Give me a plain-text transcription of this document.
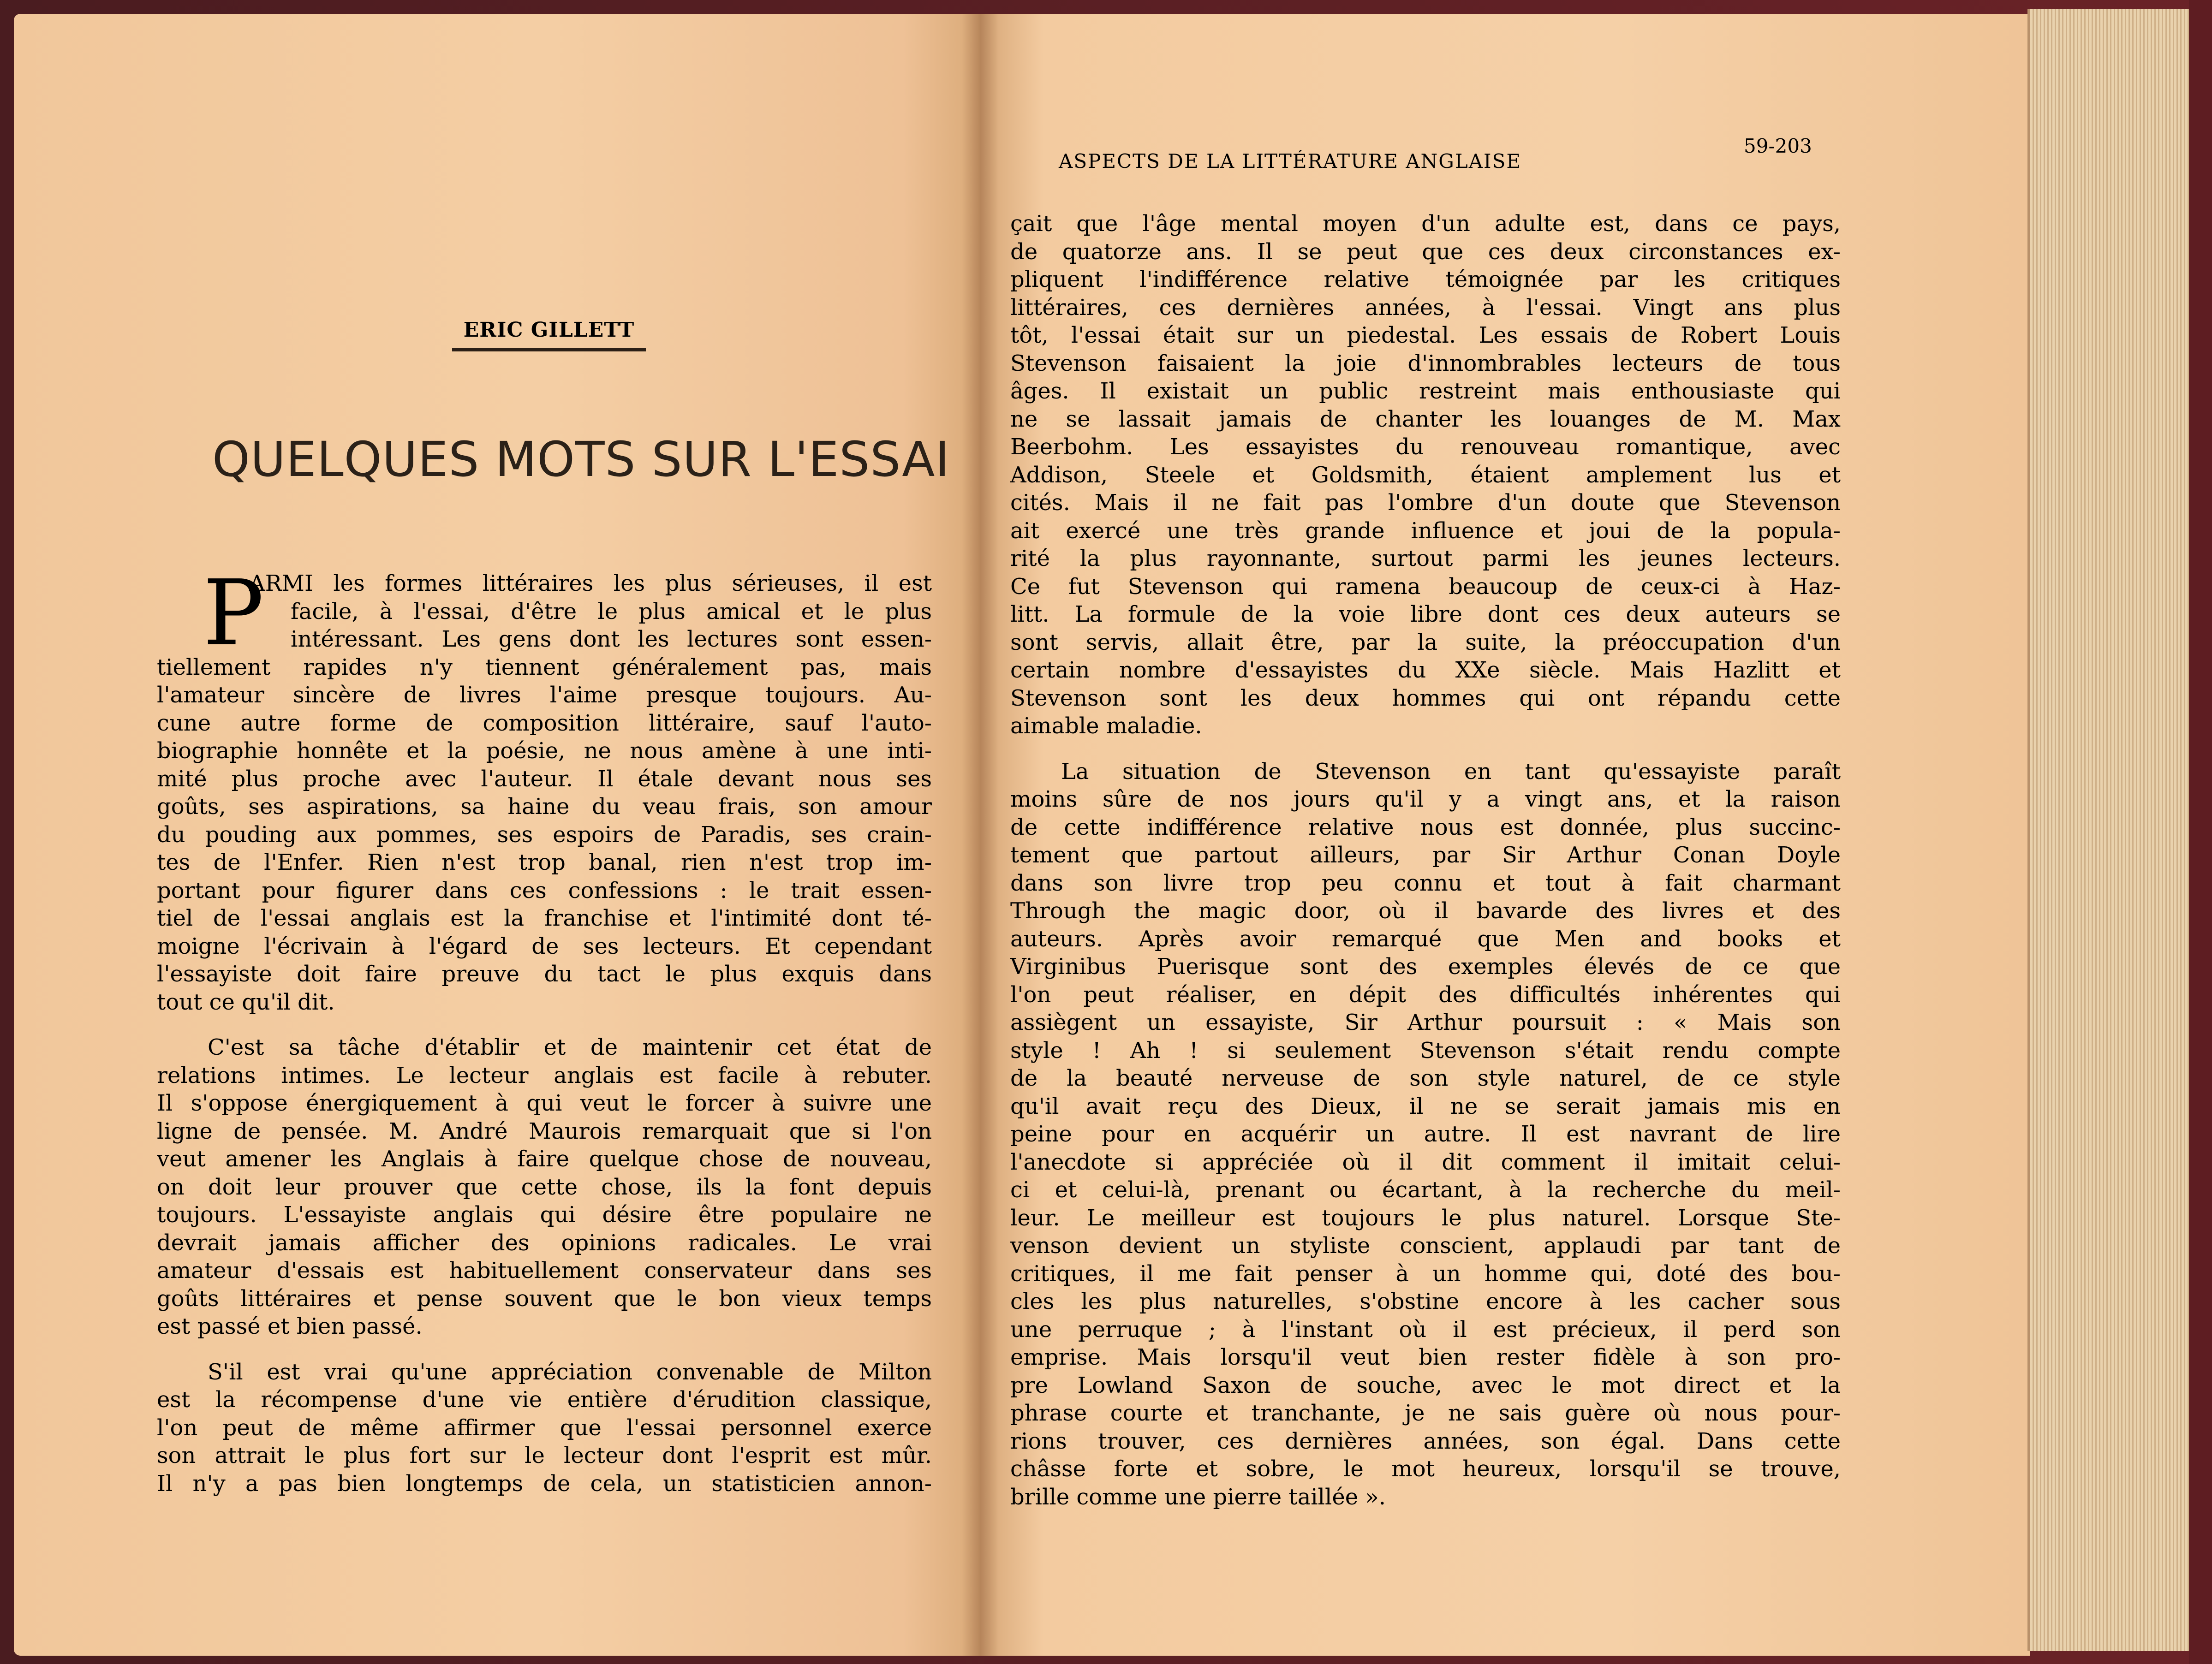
ERIC GILLETT
QUELQUES MOTS SUR L'ESSAI
P
ARMI les formes littéraires les plus sérieuses, il est
facile, à l'essai, d'être le plus amical et le plus
intéressant. Les gens dont les lectures sont essen-
tiellement rapides n'y tiennent généralement pas, mais
l'amateur sincère de livres l'aime presque toujours. Au-
cune autre forme de composition littéraire, sauf l'auto-
biographie honnête et la poésie, ne nous amène à une inti-
mité plus proche avec l'auteur. Il étale devant nous ses
goûts, ses aspirations, sa haine du veau frais, son amour
du pouding aux pommes, ses espoirs de Paradis, ses crain-
tes de l'Enfer. Rien n'est trop banal, rien n'est trop im-
portant pour figurer dans ces confessions : le trait essen-
tiel de l'essai anglais est la franchise et l'intimité dont té-
moigne l'écrivain à l'égard de ses lecteurs. Et cependant
l'essayiste doit faire preuve du tact le plus exquis dans
tout ce qu'il dit.
C'est sa tâche d'établir et de maintenir cet état de
relations intimes. Le lecteur anglais est facile à rebuter.
Il s'oppose énergiquement à qui veut le forcer à suivre une
ligne de pensée. M. André Maurois remarquait que si l'on
veut amener les Anglais à faire quelque chose de nouveau,
on doit leur prouver que cette chose, ils la font depuis
toujours. L'essayiste anglais qui désire être populaire ne
devrait jamais afficher des opinions radicales. Le vrai
amateur d'essais est habituellement conservateur dans ses
goûts littéraires et pense souvent que le bon vieux temps
est passé et bien passé.
S'il est vrai qu'une appréciation convenable de Milton
est la récompense d'une vie entière d'érudition classique,
l'on peut de même affirmer que l'essai personnel exerce
son attrait le plus fort sur le lecteur dont l'esprit est mûr.
Il n'y a pas bien longtemps de cela, un statisticien annon-
ASPECTS DE LA LITTÉRATURE ANGLAISE
59-203
çait que l'âge mental moyen d'un adulte est, dans ce pays,
de quatorze ans. Il se peut que ces deux circonstances ex-
pliquent l'indifférence relative témoignée par les critiques
littéraires, ces dernières années, à l'essai. Vingt ans plus
tôt, l'essai était sur un piedestal. Les essais de Robert Louis
Stevenson faisaient la joie d'innombrables lecteurs de tous
âges. Il existait un public restreint mais enthousiaste qui
ne se lassait jamais de chanter les louanges de M. Max
Beerbohm. Les essayistes du renouveau romantique, avec
Addison, Steele et Goldsmith, étaient amplement lus et
cités. Mais il ne fait pas l'ombre d'un doute que Stevenson
ait exercé une très grande influence et joui de la popula-
rité la plus rayonnante, surtout parmi les jeunes lecteurs.
Ce fut Stevenson qui ramena beaucoup de ceux-ci à Haz-
litt. La formule de la voie libre dont ces deux auteurs se
sont servis, allait être, par la suite, la préoccupation d'un
certain nombre d'essayistes du XXe siècle. Mais Hazlitt et
Stevenson sont les deux hommes qui ont répandu cette
aimable maladie.
La situation de Stevenson en tant qu'essayiste paraît
moins sûre de nos jours qu'il y a vingt ans, et la raison
de cette indifférence relative nous est donnée, plus succinc-
tement que partout ailleurs, par Sir Arthur Conan Doyle
dans son livre trop peu connu et tout à fait charmant
Through the magic door, où il bavarde des livres et des
auteurs. Après avoir remarqué que Men and books et
Virginibus Puerisque sont des exemples élevés de ce que
l'on peut réaliser, en dépit des difficultés inhérentes qui
assiègent un essayiste, Sir Arthur poursuit : « Mais son
style ! Ah ! si seulement Stevenson s'était rendu compte
de la beauté nerveuse de son style naturel, de ce style
qu'il avait reçu des Dieux, il ne se serait jamais mis en
peine pour en acquérir un autre. Il est navrant de lire
l'anecdote si appréciée où il dit comment il imitait celui-
ci et celui-là, prenant ou écartant, à la recherche du meil-
leur. Le meilleur est toujours le plus naturel. Lorsque Ste-
venson devient un styliste conscient, applaudi par tant de
critiques, il me fait penser à un homme qui, doté des bou-
cles les plus naturelles, s'obstine encore à les cacher sous
une perruque ; à l'instant où il est précieux, il perd son
emprise. Mais lorsqu'il veut bien rester fidèle à son pro-
pre Lowland Saxon de souche, avec le mot direct et la
phrase courte et tranchante, je ne sais guère où nous pour-
rions trouver, ces dernières années, son égal. Dans cette
châsse forte et sobre, le mot heureux, lorsqu'il se trouve,
brille comme une pierre taillée ».
